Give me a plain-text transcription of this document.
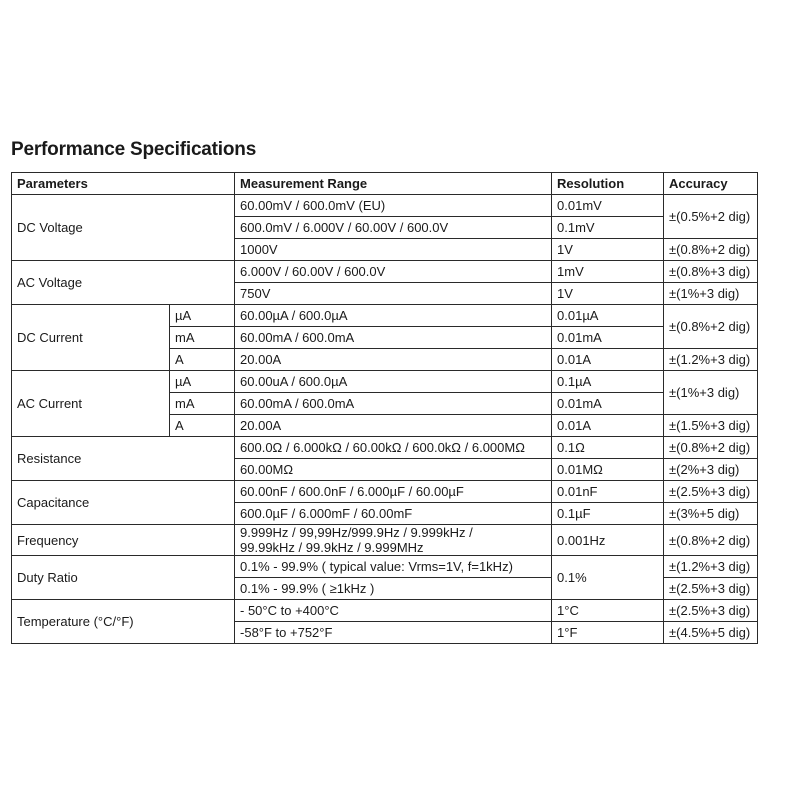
Performance Specifications
Parameters		Measurement Range	Resolution	Accuracy
DC Voltage		60.00mV / 600.0mV (EU)	0.01mV	±(0.5%+2 dig)
		600.0mV / 6.000V / 60.00V / 600.0V	0.1mV	
		1000V	1V	±(0.8%+2 dig)
AC Voltage		6.000V / 60.00V / 600.0V	1mV	±(0.8%+3 dig)
		750V	1V	±(1%+3 dig)
DC Current	µA	60.00µA / 600.0µA	0.01µA	±(0.8%+2 dig)
	mA	60.00mA / 600.0mA	0.01mA	
	A	20.00A	0.01A	±(1.2%+3 dig)
AC Current	µA	60.00uA / 600.0µA	0.1µA	±(1%+3 dig)
	mA	60.00mA / 600.0mA	0.01mA	
	A	20.00A	0.01A	±(1.5%+3 dig)
Resistance		600.0Ω / 6.000kΩ / 60.00kΩ / 600.0kΩ / 6.000MΩ	0.1Ω	±(0.8%+2 dig)
		60.00MΩ	0.01MΩ	±(2%+3 dig)
Capacitance		60.00nF / 600.0nF / 6.000µF / 60.00µF	0.01nF	±(2.5%+3 dig)
		600.0µF / 6.000mF / 60.00mF	0.1µF	±(3%+5 dig)
Frequency		9.999Hz / 99,99Hz/999.9Hz / 9.999kHz /
99.99kHz / 99.9kHz / 9.999MHz	0.001Hz	±(0.8%+2 dig)
Duty Ratio		0.1% - 99.9% ( typical value: Vrms=1V, f=1kHz)	0.1%	±(1.2%+3 dig)
		0.1% - 99.9% ( ≥1kHz )		±(2.5%+3 dig)
Temperature (°C/°F)		- 50°C to +400°C	1°C	±(2.5%+3 dig)
		-58°F to +752°F	1°F	±(4.5%+5 dig)
